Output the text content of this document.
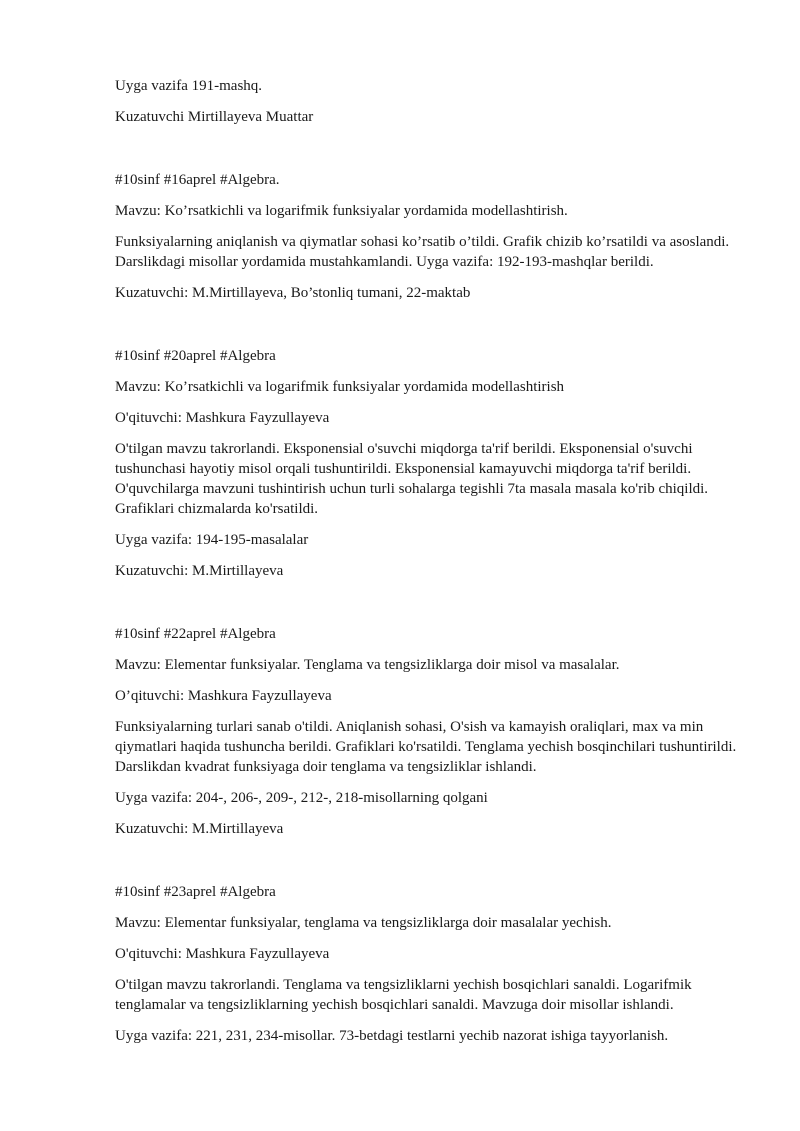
Uyga vazifa 191-mashq.

Kuzatuvchi Mirtillayeva Muattar

#10sinf #16aprel #Algebra.

Mavzu: Ko’rsatkichli va logarifmik funksiyalar yordamida modellashtirish.

Funksiyalarning aniqlanish va qiymatlar sohasi ko’rsatib o’tildi. Grafik chizib ko’rsatildi va asoslandi. Darslikdagi misollar yordamida mustahkamlandi. Uyga vazifa: 192-193-mashqlar berildi.

Kuzatuvchi: M.Mirtillayeva, Bo’stonliq tumani, 22-maktab

#10sinf #20aprel #Algebra

Mavzu: Ko’rsatkichli va logarifmik funksiyalar yordamida modellashtirish

O'qituvchi: Mashkura Fayzullayeva

O'tilgan mavzu takrorlandi. Eksponensial o'suvchi miqdorga ta'rif berildi. Eksponensial o'suvchi tushunchasi hayotiy misol orqali tushuntirildi. Eksponensial kamayuvchi miqdorga ta'rif berildi. O'quvchilarga mavzuni tushintirish uchun turli sohalarga tegishli 7ta masala masala ko'rib chiqildi. Grafiklari chizmalarda ko'rsatildi.

Uyga vazifa: 194-195-masalalar

Kuzatuvchi: M.Mirtillayeva

#10sinf #22aprel #Algebra

Mavzu: Elementar funksiyalar. Tenglama va tengsizliklarga doir misol va masalalar.

O’qituvchi: Mashkura Fayzullayeva

Funksiyalarning turlari sanab o'tildi. Aniqlanish sohasi, O'sish va kamayish oraliqlari, max va min qiymatlari haqida tushuncha berildi. Grafiklari ko'rsatildi. Tenglama yechish bosqinchilari tushuntirildi. Darslikdan kvadrat funksiyaga doir tenglama va tengsizliklar ishlandi.

Uyga vazifa: 204-, 206-, 209-, 212-, 218-misollarning qolgani

Kuzatuvchi: M.Mirtillayeva

#10sinf #23aprel #Algebra

Mavzu: Elementar funksiyalar, tenglama va tengsizliklarga doir masalalar yechish.

O'qituvchi: Mashkura Fayzullayeva

O'tilgan mavzu takrorlandi. Tenglama va tengsizliklarni yechish bosqichlari sanaldi. Logarifmik tenglamalar va tengsizliklarning yechish bosqichlari sanaldi. Mavzuga doir misollar ishlandi.

Uyga vazifa: 221, 231, 234-misollar. 73-betdagi testlarni yechib nazorat ishiga tayyorlanish.
